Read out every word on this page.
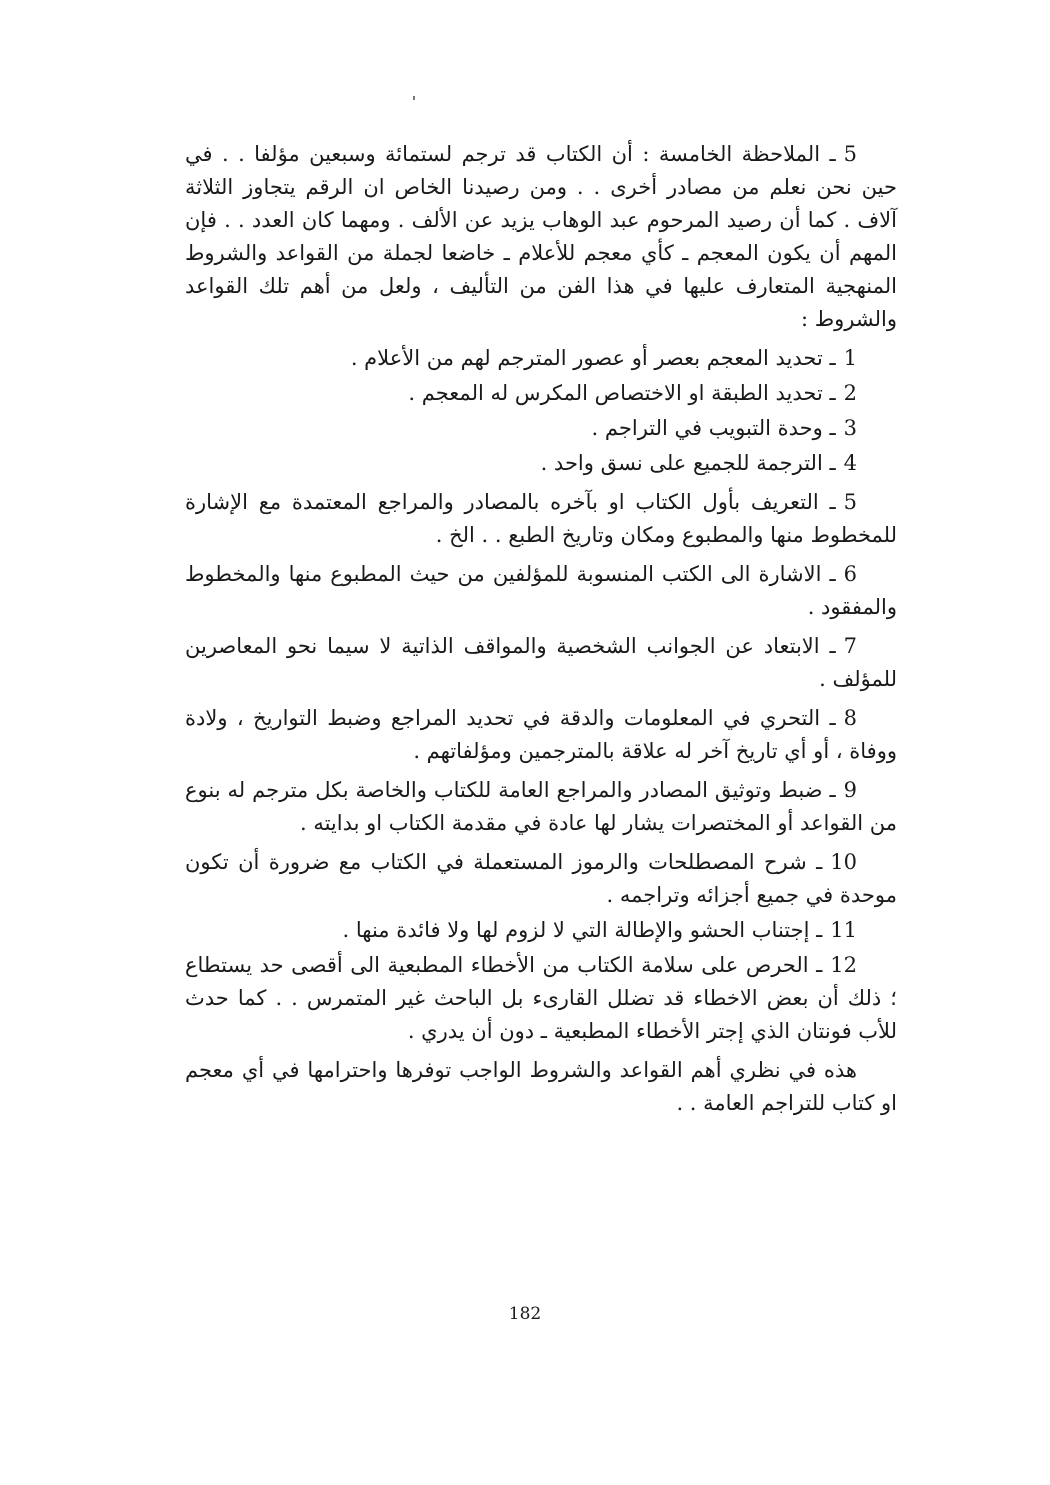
5ـ الملاحظة الخامسة : أن الكتاب قد ترجم لستمائة وسبعين مؤلفا . . في حين نحن نعلم من مصادر أخرى . . ومن رصيدنا الخاص ان الرقم يتجاوز الثلاثة آلاف . كما أن رصيد المرحوم عبد الوهاب يزيد عن الألف . ومهما كان العدد . . فإن المهم أن يكون المعجم ـ كأي معجم للأعلام ـ خاضعا لجملة من القواعد والشروط المنهجية المتعارف عليها في هذا الفن من التأليف ، ولعل من أهم تلك القواعد والشروط :

1ـ تحديد المعجم بعصر أو عصور المترجم لهم من الأعلام .

2ـ تحديد الطبقة او الاختصاص المكرس له المعجم .

3ـ وحدة التبويب في التراجم .

4ـ الترجمة للجميع على نسق واحد .

5ـ التعريف بأول الكتاب او بآخره بالمصادر والمراجع المعتمدة مع الإشارة للمخطوط منها والمطبوع ومكان وتاريخ الطبع . . الخ .

6ـ الاشارة الى الكتب المنسوبة للمؤلفين من حيث المطبوع منها والمخطوط والمفقود .

7ـ الابتعاد عن الجوانب الشخصية والمواقف الذاتية لا سيما نحو المعاصرين للمؤلف .

8ـ التحري في المعلومات والدقة في تحديد المراجع وضبط التواريخ ، ولادة ووفاة ، أو أي تاريخ آخر له علاقة بالمترجمين ومؤلفاتهم .

9ـ ضبط وتوثيق المصادر والمراجع العامة للكتاب والخاصة بكل مترجم له بنوع من القواعد أو المختصرات يشار لها عادة في مقدمة الكتاب او بدايته .

10ـ شرح المصطلحات والرموز المستعملة في الكتاب مع ضرورة أن تكون موحدة في جميع أجزائه وتراجمه .

11ـ إجتناب الحشو والإطالة التي لا لزوم لها ولا فائدة منها .

12ـ الحرص على سلامة الكتاب من الأخطاء المطبعية الى أقصى حد يستطاع ؛ ذلك أن بعض الاخطاء قد تضلل القارىء بل الباحث غير المتمرس . . كما حدث للأب فونتان الذي إجتر الأخطاء المطبعية ـ دون أن يدري .

هذه في نظري أهم القواعد والشروط الواجب توفرها واحترامها في أي معجم او كتاب للتراجم العامة . .

182
